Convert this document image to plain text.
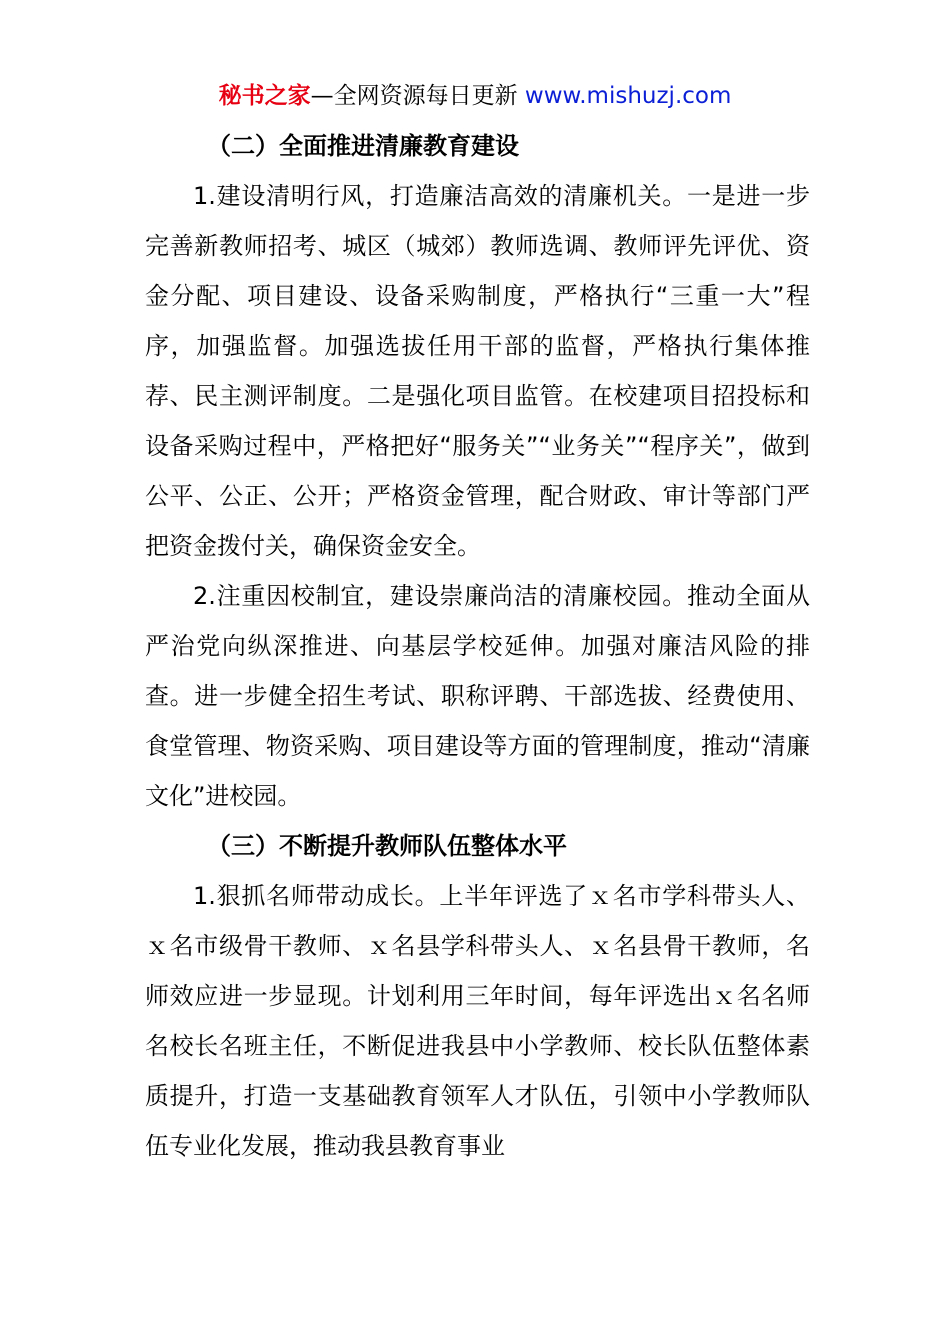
秘书之家—全网资源每日更新 www.mishuzj.com
（二）全面推进清廉教育建设

1.建设清明行风，打造廉洁高效的清廉机关。一是进一步完善新教师招考、城区（城郊）教师选调、教师评先评优、资金分配、项目建设、设备采购制度，严格执行“三重一大”程序，加强监督。加强选拔任用干部的监督，严格执行集体推荐、民主测评制度。二是强化项目监管。在校建项目招投标和设备采购过程中，严格把好“服务关”“业务关”“程序关”，做到公平、公正、公开；严格资金管理，配合财政、审计等部门严把资金拨付关，确保资金安全。

2.注重因校制宜，建设崇廉尚洁的清廉校园。推动全面从严治党向纵深推进、向基层学校延伸。加强对廉洁风险的排查。进一步健全招生考试、职称评聘、干部选拔、经费使用、食堂管理、物资采购、项目建设等方面的管理制度，推动“清廉文化”进校园。

（三）不断提升教师队伍整体水平

1.狠抓名师带动成长。上半年评选了ｘ名市学科带头人、ｘ名市级骨干教师、ｘ名县学科带头人、ｘ名县骨干教师，名师效应进一步显现。计划利用三年时间，每年评选出ｘ名名师名校长名班主任，不断促进我县中小学教师、校长队伍整体素质提升，打造一支基础教育领军人才队伍，引领中小学教师队伍专业化发展，推动我县教育事业
